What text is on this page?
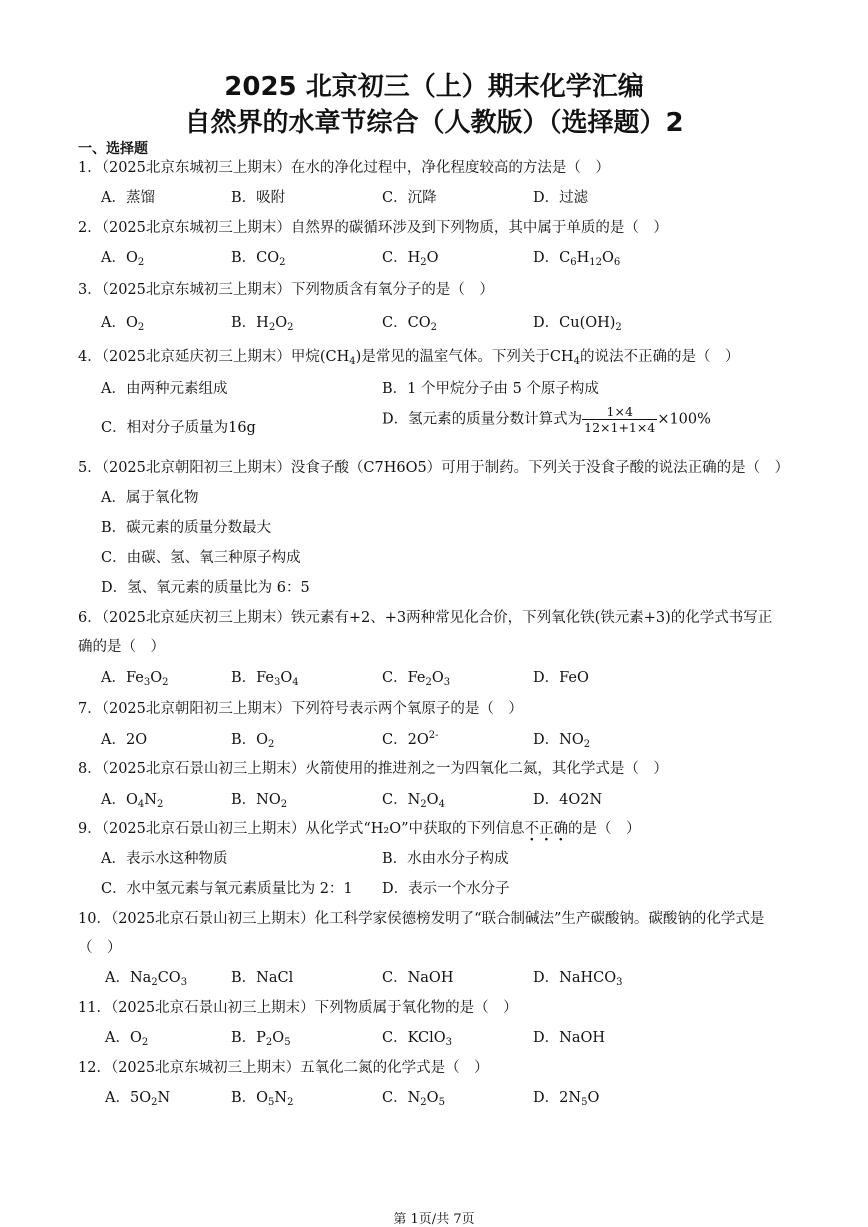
2025 北京初三（上）期末化学汇编
自然界的水章节综合（人教版）（选择题）2
一、选择题
1．（2025北京东城初三上期末）在水的净化过程中，净化程度较高的方法是（　）
A．蒸馏	B．吸附	C．沉降	D．过滤
2．（2025北京东城初三上期末）自然界的碳循环涉及到下列物质，其中属于单质的是（　）
A．$O_2$	B．$CO_2$	C．$H_2O$	D．$C_6H_{12}O_6$
3．（2025北京东城初三上期末）下列物质含有氧分子的是（　）
A．$O_2$	B．$H_2O_2$	C．$CO_2$	D．$Cu(OH)_2$
4．（2025北京延庆初三上期末）甲烷$(CH_4)$是常见的温室气体。下列关于$CH_4$的说法不正确的是（　）
A．由两种元素组成	B．1 个甲烷分子由 5 个原子构成
C．相对分子质量为16g
D．氢元素的质量分数计算式为 $\frac{1\times 4}{12\times 1+1\times 4} \times 100\%$
5．（2025北京朝阳初三上期末）没食子酸（C7H6O5）可用于制药。下列关于没食子酸的说法正确的是（　）
A．属于氧化物
B．碳元素的质量分数最大
C．由碳、氢、氧三种原子构成
D．氢、氧元素的质量比为 6：5
6．（2025北京延庆初三上期末）铁元素有+2、+3两种常见化合价，下列氧化铁(铁元素+3)的化学式书写正
确的是（　）
A．$Fe_3O_2$	B．$Fe_3O_4$	C．$Fe_2O_3$	D．FeO
7．（2025北京朝阳初三上期末）下列符号表示两个氧原子的是（　）
A．2O	B．$O_2$	C．$2O^{2-}$	D．$NO_2$
8．（2025北京石景山初三上期末）火箭使用的推进剂之一为四氧化二氮，其化学式是（　）
A．$O_4N_2$	B．$NO_2$	C．$N_2O_4$	D．4O2N
9．（2025北京石景山初三上期末）从化学式“H₂O”中获取的下列信息不正确的是（　）
A．表示水这种物质	B．水由水分子构成
C．水中氢元素与氧元素质量比为 2：1 D．表示一个水分子
10．（2025北京石景山初三上期末）化工科学家侯德榜发明了“联合制碱法”生产碳酸钠。碳酸钠的化学式是
（　）
A．$Na_2CO_3$	B．NaCl	C．NaOH	D．NaHCO$_3$
11．（2025北京石景山初三上期末）下列物质属于氧化物的是（　）
A．$O_2$	B．$P_2O_5$	C．KClO$_3$	D．NaOH
12．（2025北京东城初三上期末）五氧化二氮的化学式是（　）
A．$5O_2N$	B．$O_5N_2$	C．$N_2O_5$	D．$2N_5O$
第 1页/共 7页
